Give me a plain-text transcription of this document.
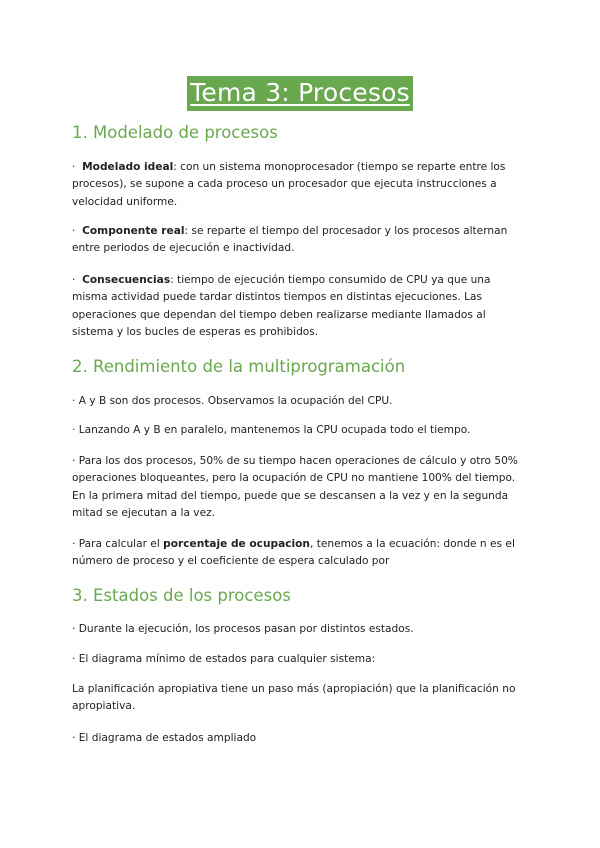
Tema 3: Procesos
1. Modelado de procesos

· Modelado ideal: con un sistema monoprocesador (tiempo se reparte entre los procesos), se supone a cada proceso un procesador que ejecuta instrucciones a velocidad uniforme.

· Componente real: se reparte el tiempo del procesador y los procesos alternan entre periodos de ejecución e inactividad.

· Consecuencias: tiempo de ejecución tiempo consumido de CPU ya que una misma actividad puede tardar distintos tiempos en distintas ejecuciones. Las operaciones que dependan del tiempo deben realizarse mediante llamados al sistema y los bucles de esperas es prohibidos.

2. Rendimiento de la multiprogramación

· A y B son dos procesos. Observamos la ocupación del CPU.

· Lanzando A y B en paralelo, mantenemos la CPU ocupada todo el tiempo.

· Para los dos procesos, 50% de su tiempo hacen operaciones de cálculo y otro 50% operaciones bloqueantes, pero la ocupación de CPU no mantiene 100% del tiempo. En la primera mitad del tiempo, puede que se descansen a la vez y en la segunda mitad se ejecutan a la vez.

· Para calcular el porcentaje de ocupacion, tenemos a la ecuación: donde n es el número de proceso y el coeficiente de espera calculado por

3. Estados de los procesos

· Durante la ejecución, los procesos pasan por distintos estados.

· El diagrama mínimo de estados para cualquier sistema:

La planificación apropiativa tiene un paso más (apropiación) que la planificación no apropiativa.

· El diagrama de estados ampliado
